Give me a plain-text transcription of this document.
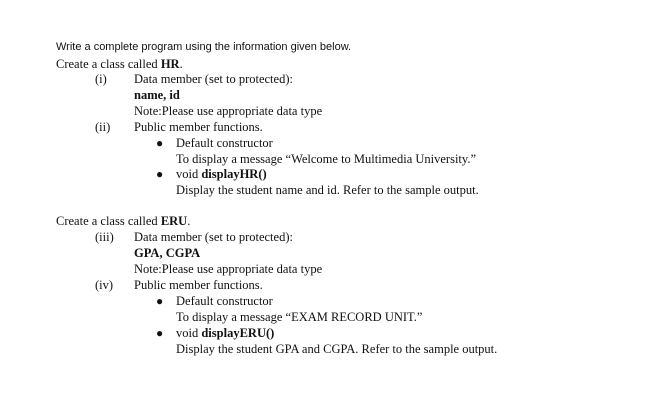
Write a complete program using the information given below.
Create a class called HR.
(i) Data member (set to protected):
name, id
Note:Please use appropriate data type
(ii) Public member functions.
● Default constructor
To display a message “Welcome to Multimedia University.”
● void displayHR()
Display the student name and id. Refer to the sample output.
Create a class called ERU.
(iii) Data member (set to protected):
GPA, CGPA
Note:Please use appropriate data type
(iv) Public member functions.
● Default constructor
To display a message “EXAM RECORD UNIT.”
● void displayERU()
Display the student GPA and CGPA. Refer to the sample output.
